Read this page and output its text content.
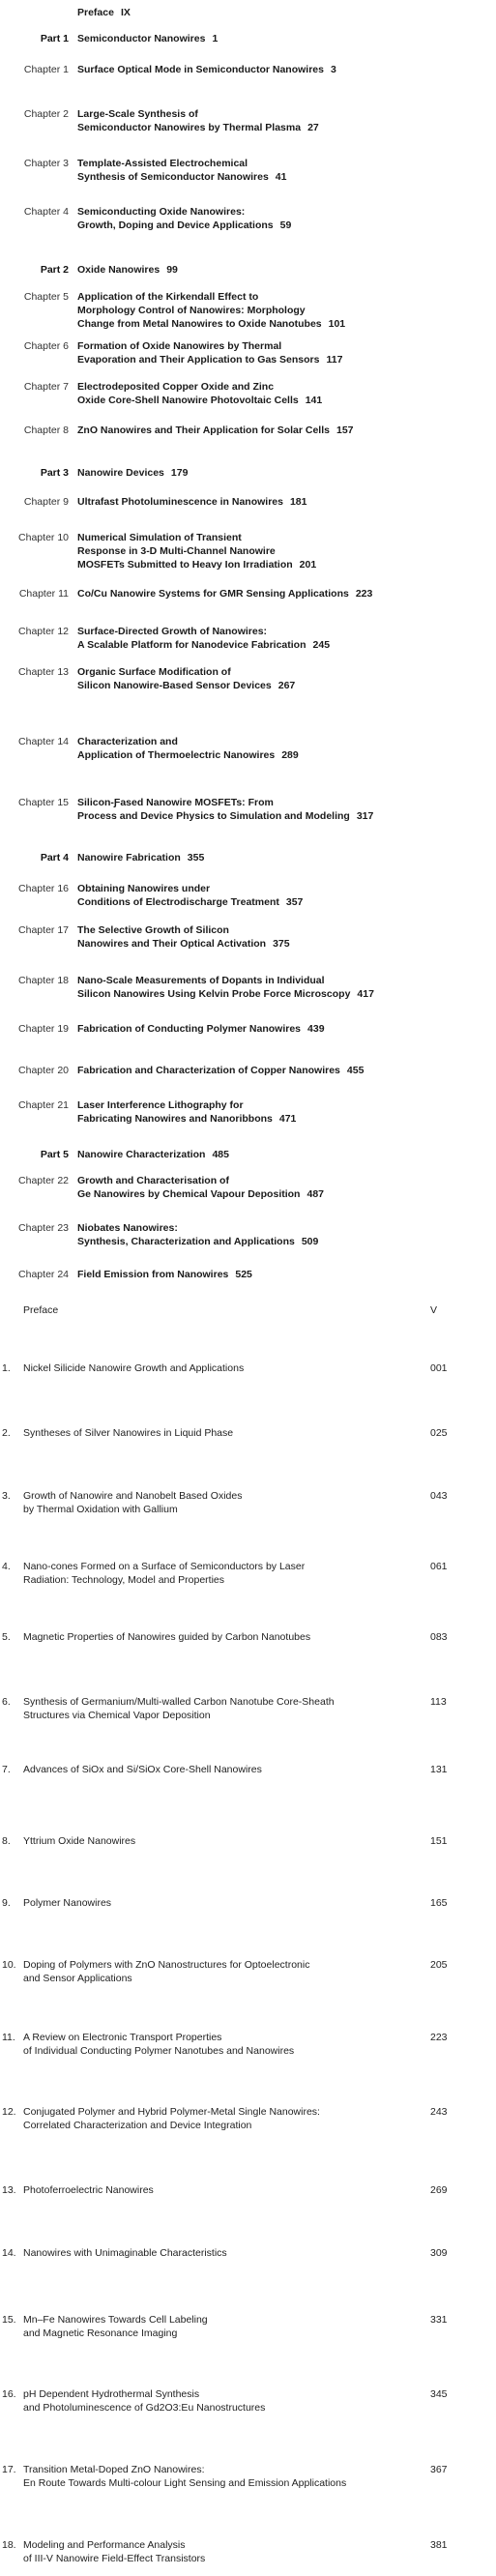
Preface IX
Part 1 Semiconductor Nanowires 1
Chapter 1 Surface Optical Mode in Semiconductor Nanowires 3
Chapter 2 Large-Scale Synthesis of
Semiconductor Nanowires by Thermal Plasma 27
Chapter 3 Template-Assisted Electrochemical
Synthesis of Semiconductor Nanowires 41
Chapter 4 Semiconducting Oxide Nanowires:
Growth, Doping and Device Applications 59
Part 2 Oxide Nanowires 99
Chapter 5 Application of the Kirkendall Effect to
Morphology Control of Nanowires: Morphology
Change from Metal Nanowires to Oxide Nanotubes 101
Chapter 6 Formation of Oxide Nanowires by Thermal
Evaporation and Their Application to Gas Sensors 117
Chapter 7 Electrodeposited Copper Oxide and Zinc
Oxide Core-Shell Nanowire Photovoltaic Cells 141
Chapter 8 ZnO Nanowires and Their Application for Solar Cells 157
Part 3 Nanowire Devices 179
Chapter 9 Ultrafast Photoluminescence in Nanowires 181
Chapter 10 Numerical Simulation of Transient
Response in 3-D Multi-Channel Nanowire
MOSFETs Submitted to Heavy Ion Irradiation 201
Chapter 11 Co/Cu Nanowire Systems for GMR Sensing Applications 223
Chapter 12 Surface-Directed Growth of Nanowires:
A Scalable Platform for Nanodevice Fabrication 245
Chapter 13 Organic Surface Modification of
Silicon Nanowire-Based Sensor Devices 267
Chapter 14 Characterization and
Application of Thermoelectric Nanowires 289
Chapter 15 Silicon-Ƒased Nanowire MOSFETs: From
Process and Device Physics to Simulation and Modeling 317
Part 4 Nanowire Fabrication 355
Chapter 16 Obtaining Nanowires under
Conditions of Electrodischarge Treatment 357
Chapter 17 The Selective Growth of Silicon
Nanowires and Their Optical Activation 375
Chapter 18 Nano-Scale Measurements of Dopants in Individual
Silicon Nanowires Using Kelvin Probe Force Microscopy 417
Chapter 19 Fabrication of Conducting Polymer Nanowires 439
Chapter 20 Fabrication and Characterization of Copper Nanowires 455
Chapter 21 Laser Interference Lithography for
Fabricating Nanowires and Nanoribbons 471
Part 5 Nanowire Characterization 485
Chapter 22 Growth and Characterisation of
Ge Nanowires by Chemical Vapour Deposition 487
Chapter 23 Niobates Nanowires:
Synthesis, Characterization and Applications 509
Chapter 24 Field Emission from Nanowires 525
Preface	V
1. Nickel Silicide Nanowire Growth and Applications	001
2. Syntheses of Silver Nanowires in Liquid Phase	025
3. Growth of Nanowire and Nanobelt Based Oxides
by Thermal Oxidation with Gallium
043
4. Nano-cones Formed on a Surface of Semiconductors by Laser
Radiation: Technology, Model and Properties
061
5. Magnetic Properties of Nanowires guided by Carbon Nanotubes	083
6. Synthesis of Germanium/Multi-walled Carbon Nanotube Core-Sheath
Structures via Chemical Vapor Deposition
113
7. Advances of SiOx and Si/SiOx Core-Shell Nanowires	131
8. Yttrium Oxide Nanowires	151
9. Polymer Nanowires	165
10. Doping of Polymers with ZnO Nanostructures for Optoelectronic
and Sensor Applications
205
11. A Review on Electronic Transport Properties
of Individual Conducting Polymer Nanotubes and Nanowires
223
12. Conjugated Polymer and Hybrid Polymer-Metal Single Nanowires:
Correlated Characterization and Device Integration
243
13. Photoferroelectric Nanowires	269
14. Nanowires with Unimaginable Characteristics	309
15. Mn–Fe Nanowires Towards Cell Labeling
and Magnetic Resonance Imaging
331
16. pH Dependent Hydrothermal Synthesis
and Photoluminescence of Gd2O3:Eu Nanostructures
345
17. Transition Metal-Doped ZnO Nanowires:
En Route Towards Multi-colour Light Sensing and Emission Applications
367
18. Modeling and Performance Analysis
of III-V Nanowire Field-Effect Transistors
381
